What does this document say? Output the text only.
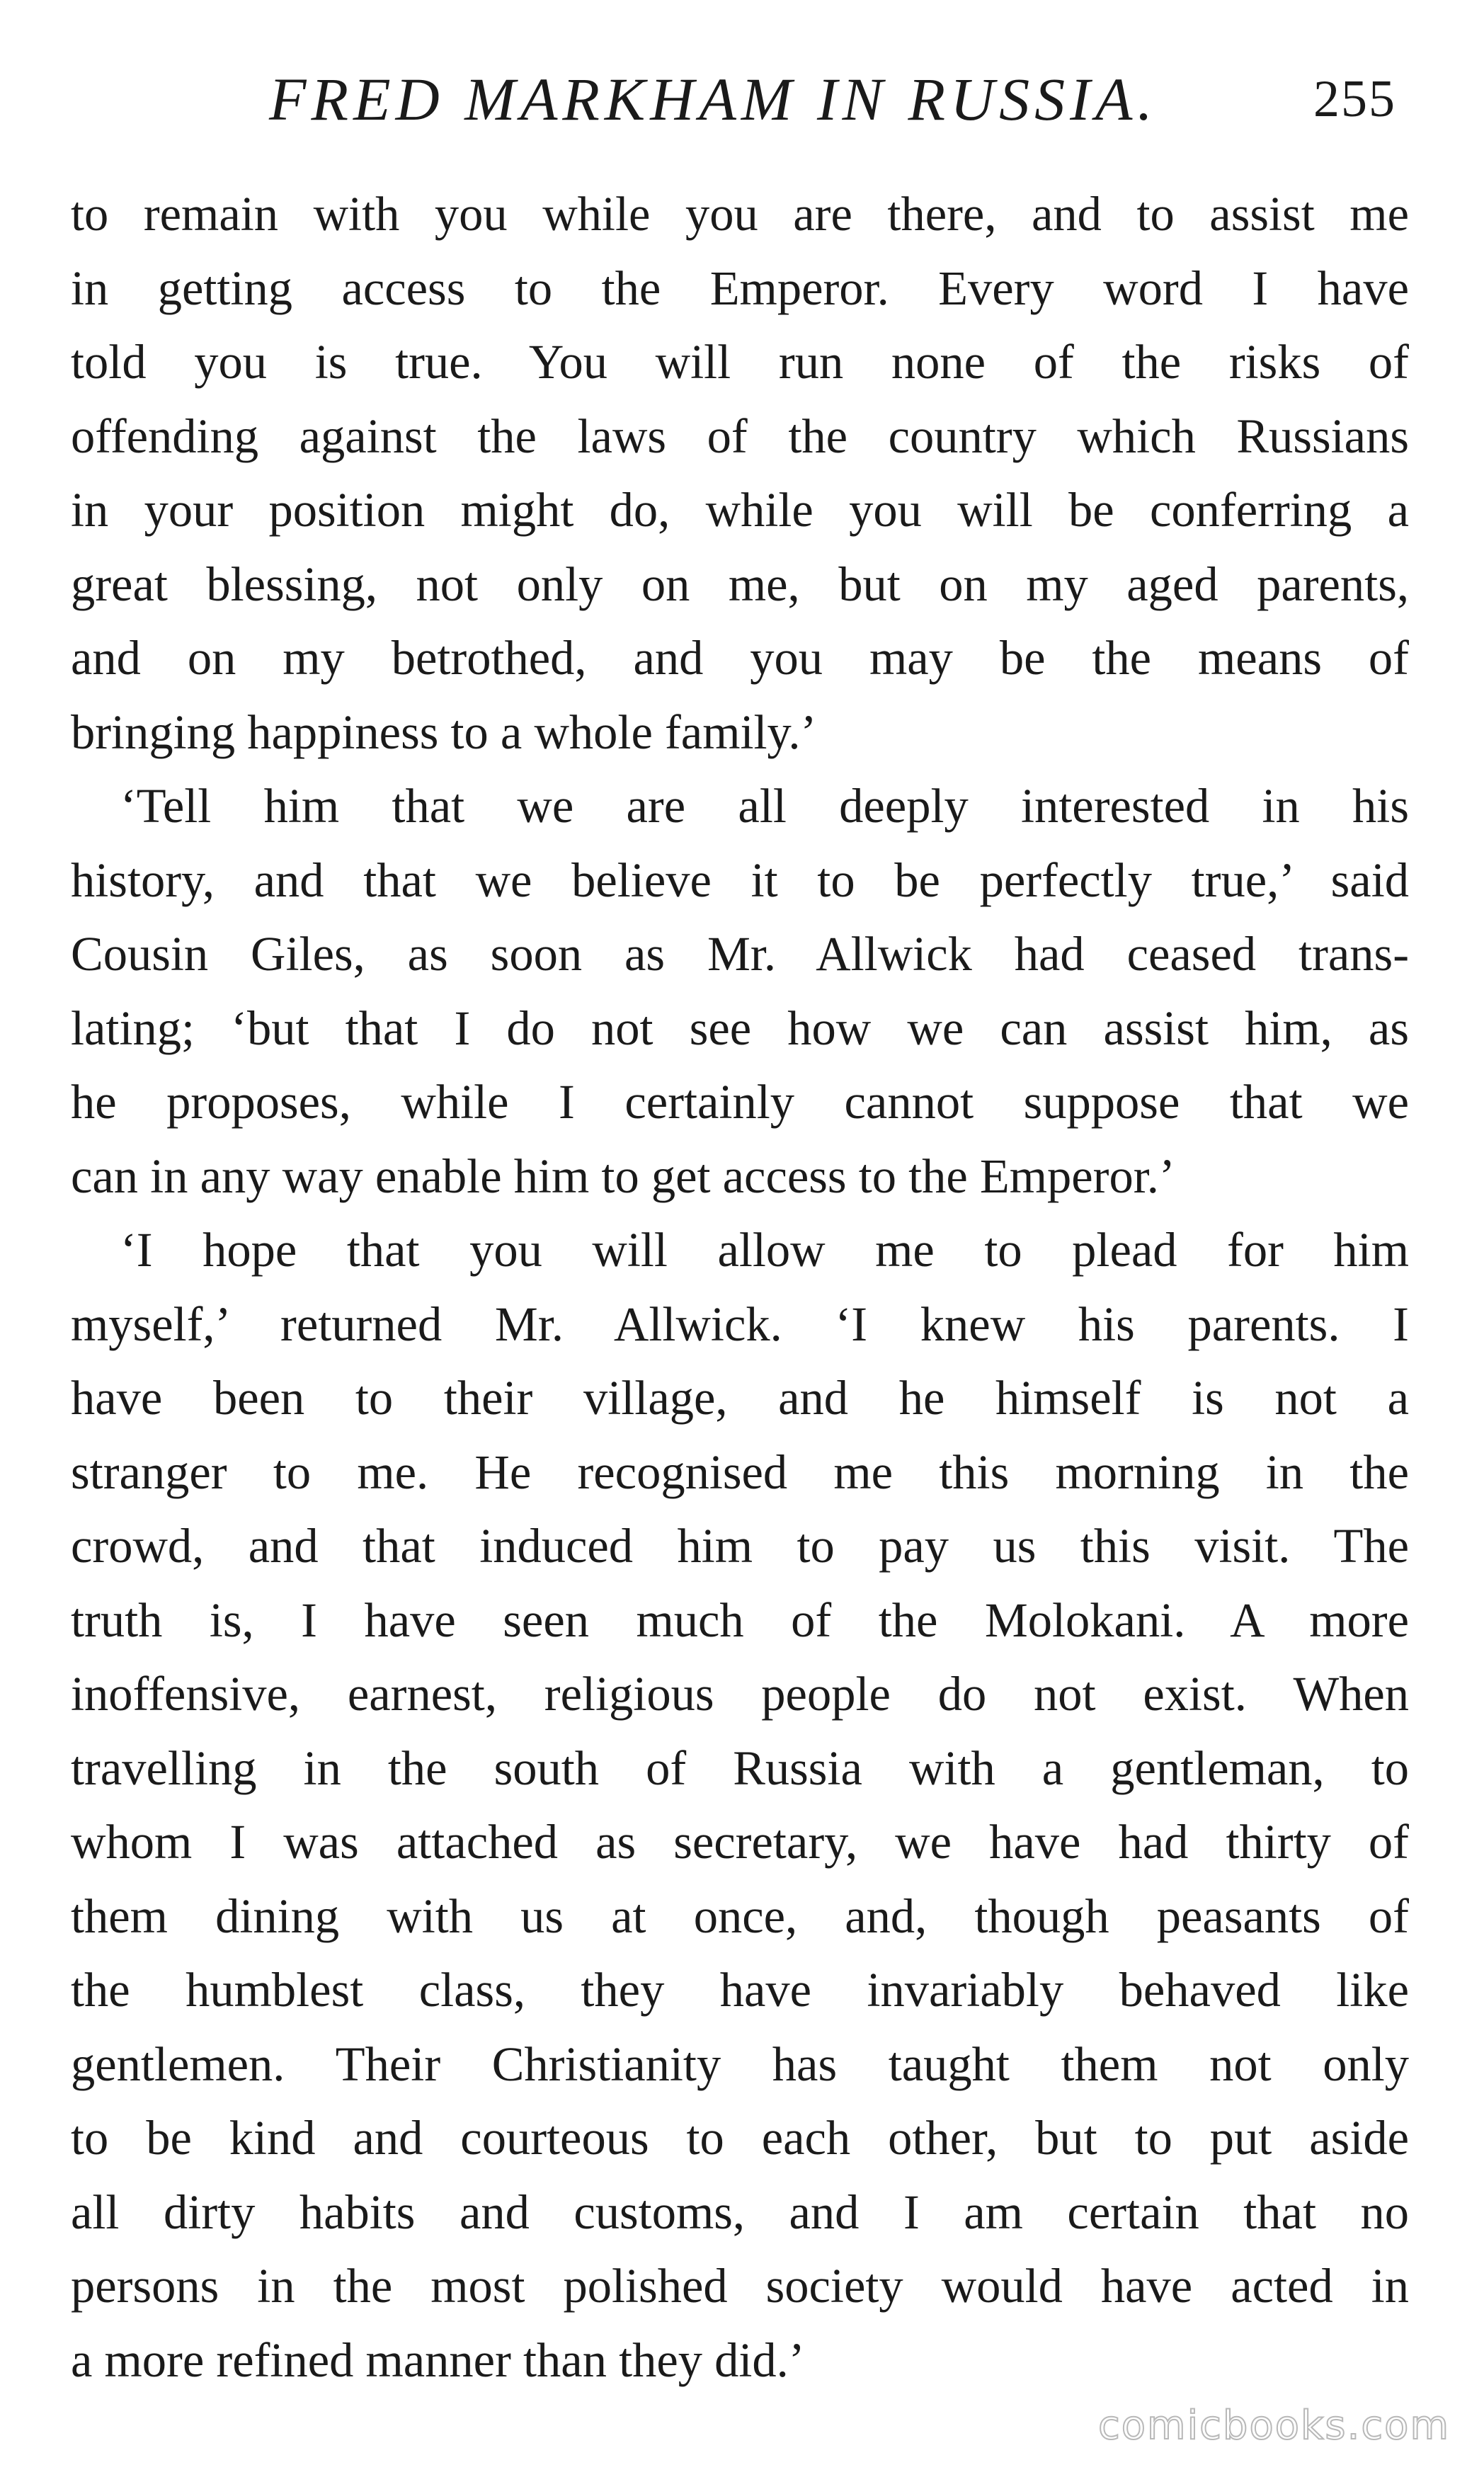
FRED MARKHAM IN RUSSIA.	255
to remain with you while you are there, and to assist me
in getting access to the Emperor. Every word I have
told you is true. You will run none of the risks of
offending against the laws of the country which Russians
in your position might do, while you will be conferring a
great blessing, not only on me, but on my aged parents,
and on my betrothed, and you may be the means of
bringing happiness to a whole family.’
‘Tell him that we are all deeply interested in his
history, and that we believe it to be perfectly true,’ said
Cousin Giles, as soon as Mr. Allwick had ceased trans-
lating; ‘but that I do not see how we can assist him, as
he proposes, while I certainly cannot suppose that we
can in any way enable him to get access to the Emperor.’
‘I hope that you will allow me to plead for him
myself,’ returned Mr. Allwick. ‘I knew his parents. I
have been to their village, and he himself is not a
stranger to me. He recognised me this morning in the
crowd, and that induced him to pay us this visit. The
truth is, I have seen much of the Molokani. A more
inoffensive, earnest, religious people do not exist. When
travelling in the south of Russia with a gentleman, to
whom I was attached as secretary, we have had thirty of
them dining with us at once, and, though peasants of
the humblest class, they have invariably behaved like
gentlemen. Their Christianity has taught them not only
to be kind and courteous to each other, but to put aside
all dirty habits and customs, and I am certain that no
persons in the most polished society would have acted in
a more refined manner than they did.’
comicbooks.com
